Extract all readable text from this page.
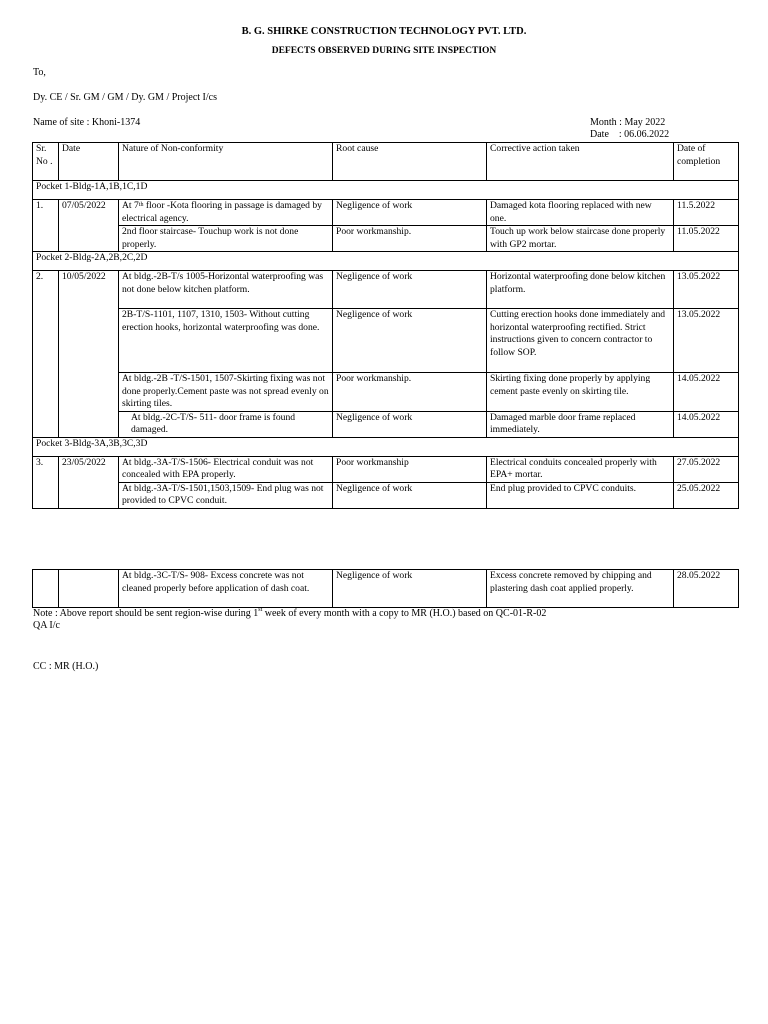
B. G. SHIRKE CONSTRUCTION TECHNOLOGY PVT. LTD.
DEFECTS OBSERVED DURING SITE INSPECTION
To,
Dy. CE / Sr. GM / GM / Dy. GM / Project I/cs
Name of site : Khoni-1374	Month : May 2022
Date    : 06.06.2022
Sr. No .	Date	Nature of Non-conformity	Root cause	Corrective action taken	Date of completion
Pocket 1-Bldg-1A,1B,1C,1D					
1.	07/05/2022	At 7th floor -Kota flooring in passage is damaged by electrical agency.	Negligence of work	Damaged kota flooring replaced with new one.	11.5.2022
		2nd floor staircase- Touchup work is not done properly.	Poor workmanship.	Touch up work below staircase done properly with GP2 mortar.	11.05.2022
Pocket 2-Bldg-2A,2B,2C,2D					
2.	10/05/2022	At bldg.-2B-T/s 1005-Horizontal waterproofing was not done below kitchen platform.	Negligence of work	Horizontal waterproofing done below kitchen platform.	13.05.2022
		2B-T/S-1101, 1107, 1310, 1503- Without cutting erection hooks, horizontal waterproofing was done.	Negligence of work	Cutting erection hooks done immediately and horizontal waterproofing rectified. Strict instructions given to concern contractor to follow SOP.	13.05.2022
		At bldg.-2B -T/S-1501, 1507-Skirting fixing was not done properly.Cement paste was not spread evenly on skirting tiles.	Poor workmanship.	Skirting fixing done properly by applying cement paste evenly on skirting tile.	14.05.2022
		At bldg.-2C-T/S- 511- door frame is found damaged.	Negligence of work	Damaged marble door frame replaced immediately.	14.05.2022
Pocket 3-Bldg-3A,3B,3C,3D					
3.	23/05/2022	At bldg.-3A-T/S-1506- Electrical conduit was not concealed with EPA properly.	Poor workmanship	Electrical conduits concealed properly with EPA+ mortar.	27.05.2022
		At bldg.-3A-T/S-1501,1503,1509- End plug was not provided to CPVC conduit.	Negligence of work	End plug provided to CPVC conduits.	25.05.2022
		At bldg.-3C-T/S- 908- Excess concrete was not cleaned properly before application of dash coat.	Negligence of work	Excess concrete removed by chipping and plastering dash coat applied properly.	28.05.2022
Note : Above report should be sent region-wise during 1st week of every month with a copy to MR (H.O.) based on QC-01-R-02
QA I/c
CC : MR (H.O.)
